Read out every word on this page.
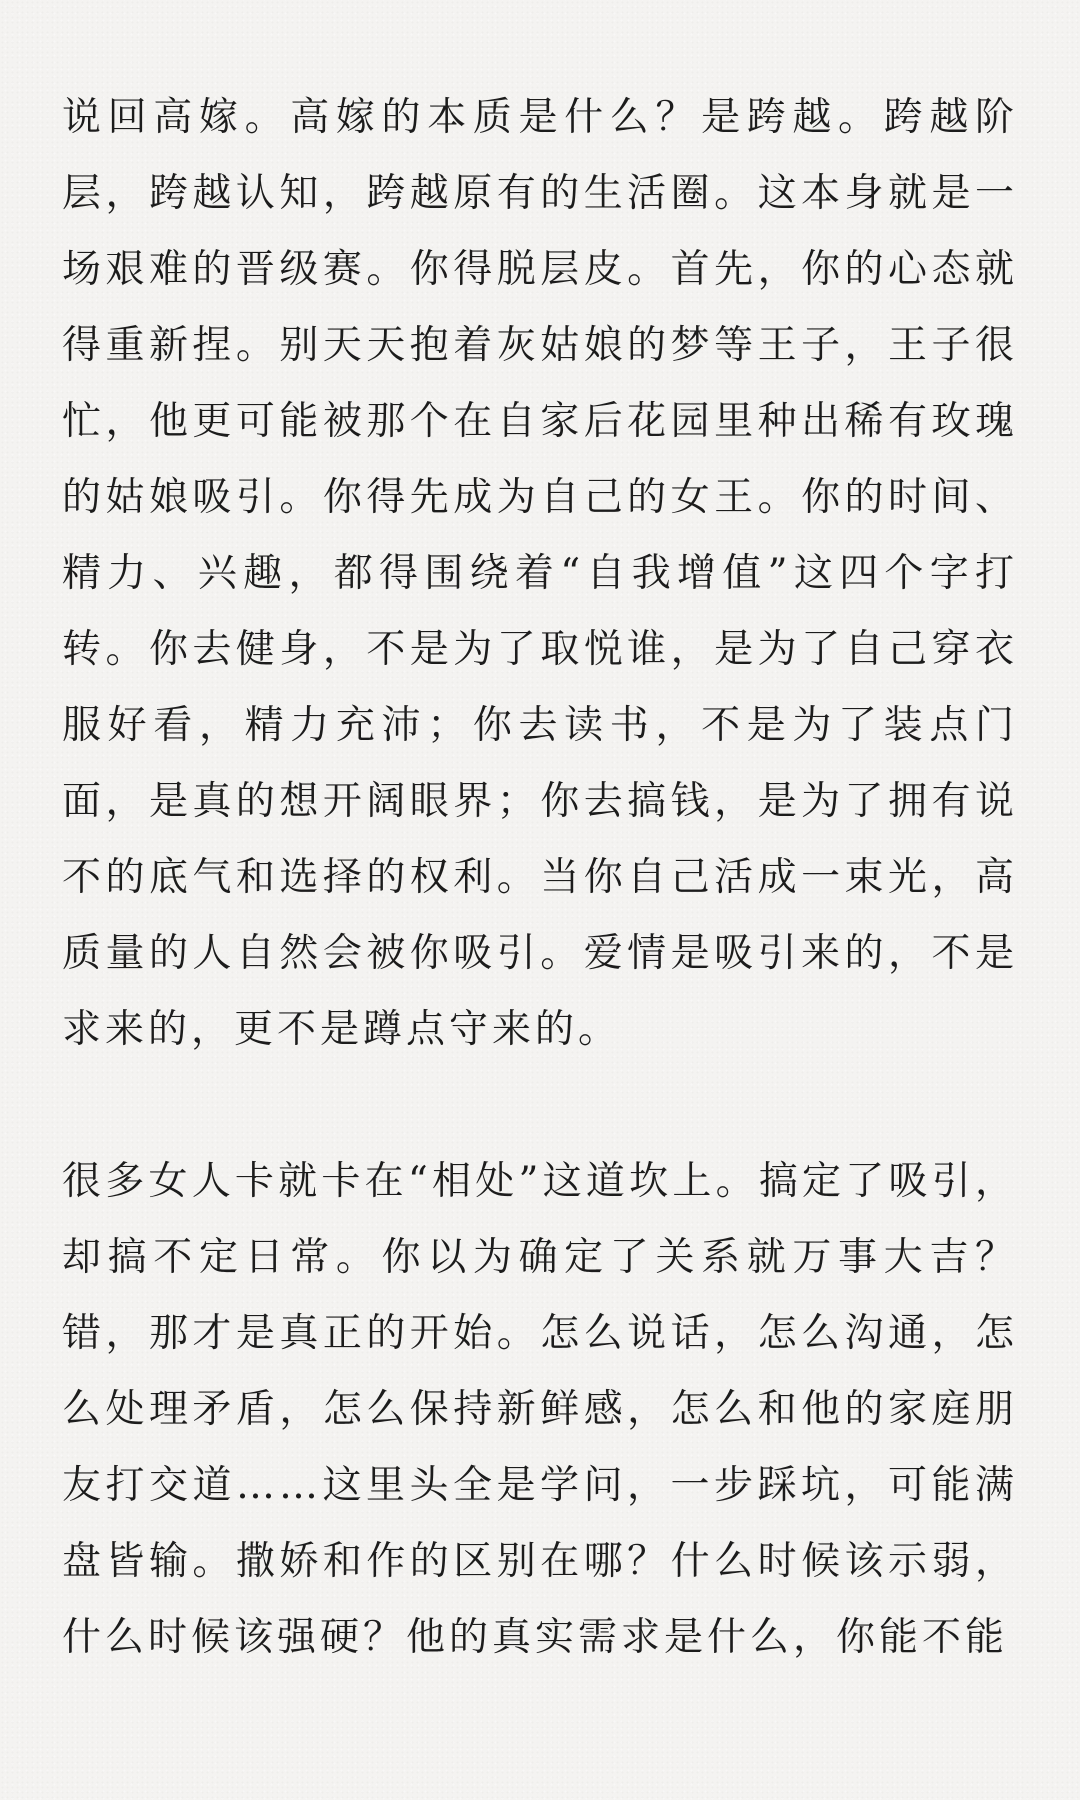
说回高嫁。高嫁的本质是什么？是跨越。跨越阶层，跨越认知，跨越原有的生活圈。这本身就是一场艰难的晋级赛。你得脱层皮。首先，你的心态就得重新捏。别天天抱着灰姑娘的梦等王子，王子很忙，他更可能被那个在自家后花园里种出稀有玫瑰的姑娘吸引。你得先成为自己的女王。你的时间、精力、兴趣，都得围绕着“自我增值”这四个字打转。你去健身，不是为了取悦谁，是为了自己穿衣服好看，精力充沛；你去读书，不是为了装点门面，是真的想开阔眼界；你去搞钱，是为了拥有说不的底气和选择的权利。当你自己活成一束光，高质量的人自然会被你吸引。爱情是吸引来的，不是求来的，更不是蹲点守来的。

很多女人卡就卡在“相处”这道坎上。搞定了吸引，却搞不定日常。你以为确定了关系就万事大吉？错，那才是真正的开始。怎么说话，怎么沟通，怎么处理矛盾，怎么保持新鲜感，怎么和他的家庭朋友打交道……这里头全是学问，一步踩坑，可能满盘皆输。撒娇和作的区别在哪？什么时候该示弱，什么时候该强硬？他的真实需求是什么，你能不能
